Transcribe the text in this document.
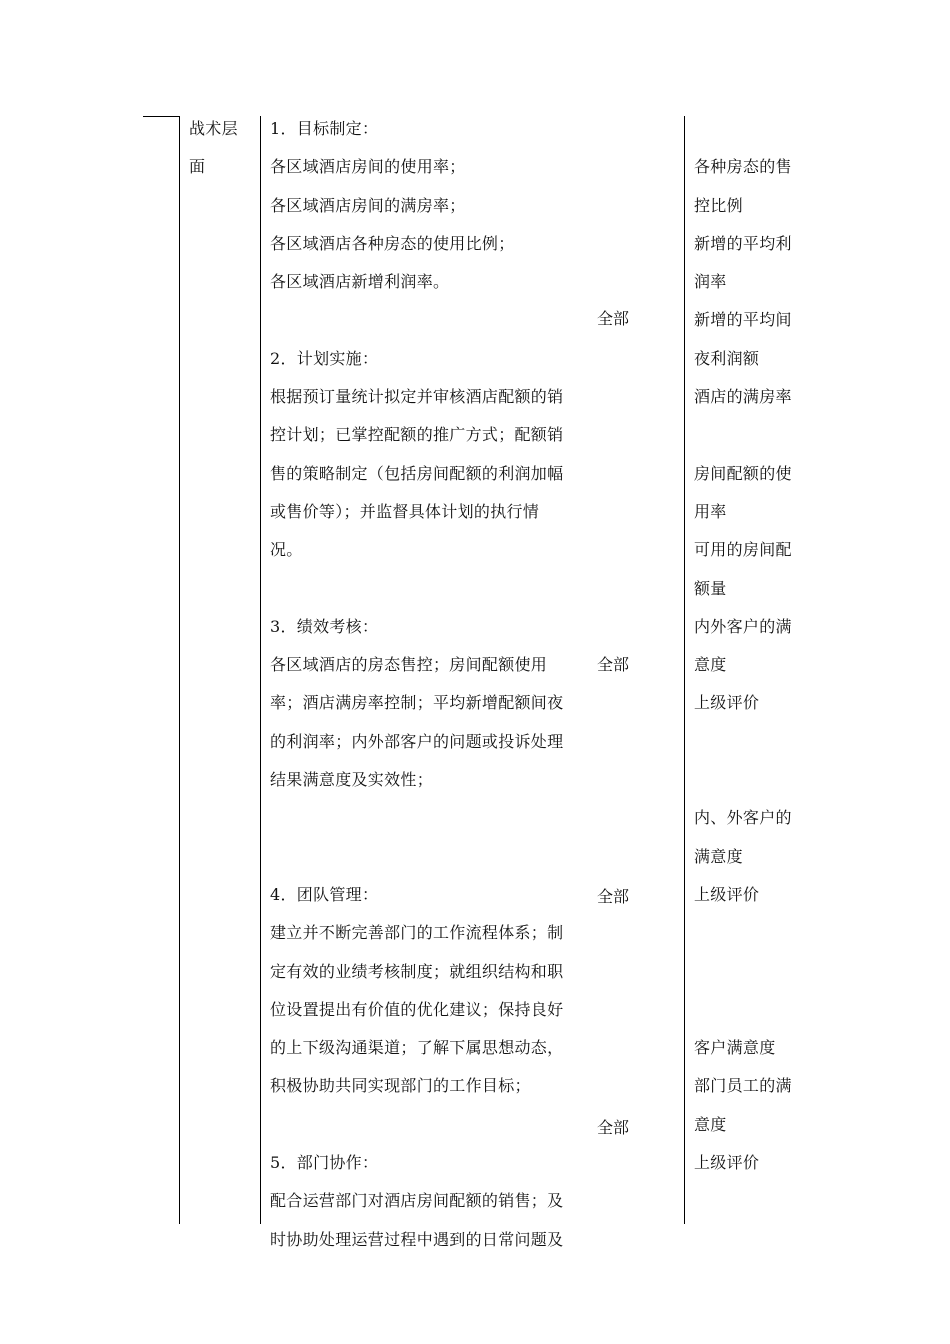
战术层
面
1．目标制定：
各区域酒店房间的使用率；
各区域酒店房间的满房率；
各区域酒店各种房态的使用比例；
各区域酒店新增利润率。
2．计划实施：
根据预订量统计拟定并审核酒店配额的销
控计划；已掌控配额的推广方式；配额销
售的策略制定（包括房间配额的利润加幅
或售价等）；并监督具体计划的执行情
况。
3．绩效考核：
各区域酒店的房态售控；房间配额使用
率；酒店满房率控制；平均新增配额间夜
的利润率；内外部客户的问题或投诉处理
结果满意度及实效性；
4．团队管理：
建立并不断完善部门的工作流程体系；制
定有效的业绩考核制度；就组织结构和职
位设置提出有价值的优化建议；保持良好
的上下级沟通渠道；了解下属思想动态，
积极协助共同实现部门的工作目标；
5．部门协作：
配合运营部门对酒店房间配额的销售；及
时协助处理运营过程中遇到的日常问题及
全部
全部
全部
全部
各种房态的售
控比例
新增的平均利
润率
新增的平均间
夜利润额
酒店的满房率
房间配额的使
用率
可用的房间配
额量
内外客户的满
意度
上级评价
内、外客户的
满意度
上级评价
客户满意度
部门员工的满
意度
上级评价
